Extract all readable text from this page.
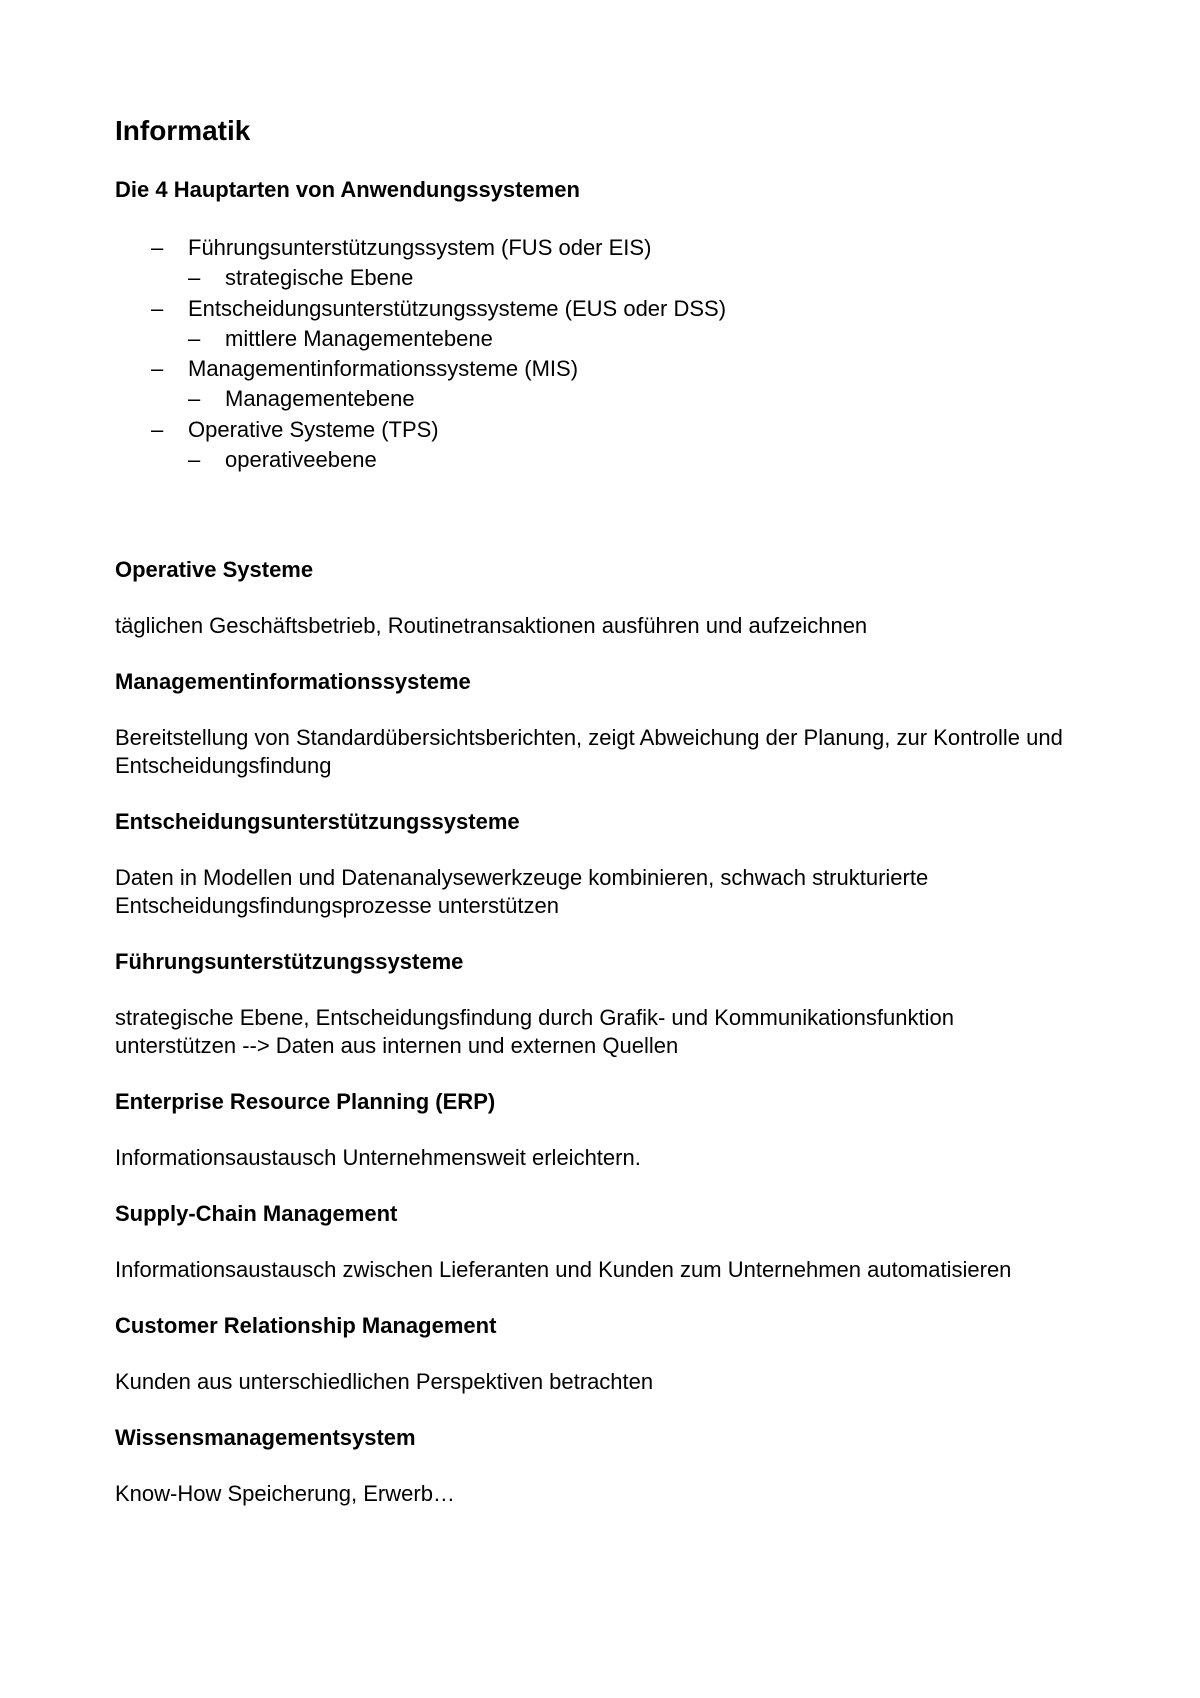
Informatik
Die 4 Hauptarten von Anwendungssystemen
– Führungsunterstützungssystem (FUS oder EIS)
– strategische Ebene
– Entscheidungsunterstützungssysteme (EUS oder DSS)
– mittlere Managementebene
– Managementinformationssysteme (MIS)
– Managementebene
– Operative Systeme (TPS)
– operativeebene
Operative Systeme

täglichen Geschäftsbetrieb, Routinetransaktionen ausführen und aufzeichnen

Managementinformationssysteme

Bereitstellung von Standardübersichtsberichten, zeigt Abweichung der Planung, zur Kontrolle und Entscheidungsfindung

Entscheidungsunterstützungssysteme

Daten in Modellen und Datenanalysewerkzeuge kombinieren, schwach strukturierte Entscheidungsfindungsprozesse unterstützen

Führungsunterstützungssysteme

strategische Ebene, Entscheidungsfindung durch Grafik- und Kommunikationsfunktion unterstützen --> Daten aus internen und externen Quellen

Enterprise Resource Planning (ERP)

Informationsaustausch Unternehmensweit erleichtern.

Supply-Chain Management

Informationsaustausch zwischen Lieferanten und Kunden zum Unternehmen automatisieren

Customer Relationship Management

Kunden aus unterschiedlichen Perspektiven betrachten

Wissensmanagementsystem

Know-How Speicherung, Erwerb…
